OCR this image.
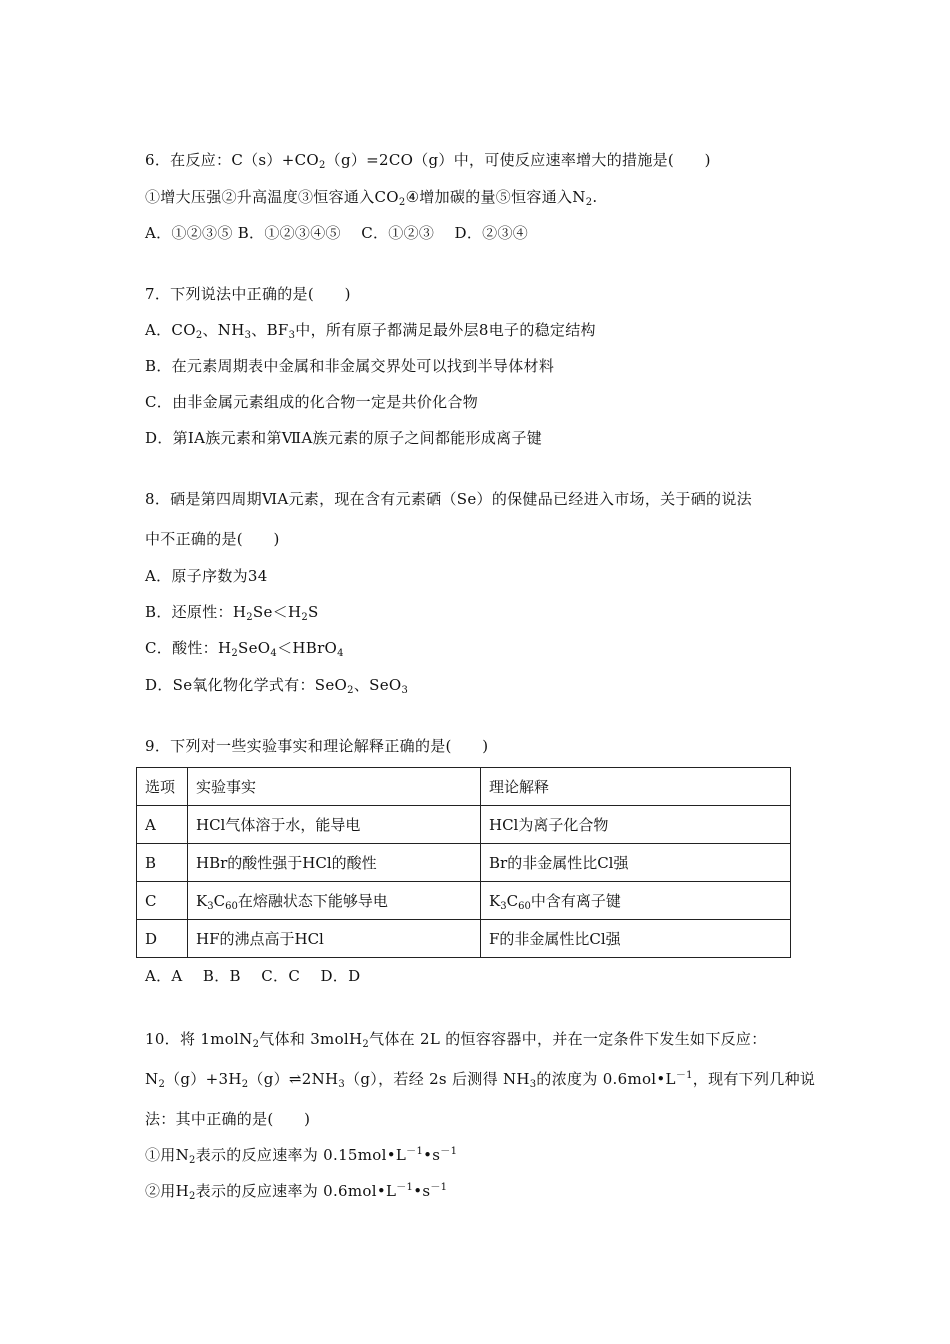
6．在反应：$C(s)+CO_2(g)=2CO(g)$中，可使反应速率增大的措施是(　　)
①增大压强②升高温度③恒容通入$CO_2④$增加碳的量⑤恒容通入$N_2$.
A．①②③⑤ B．①②③④⑤　 C．①②③　 D．②③④
7．下列说法中正确的是(　　)
A．$CO_2$、$NH_3$、$BF_3$中，所有原子都满足最外层8电子的稳定结构
B．在元素周期表中金属和非金属交界处可以找到半导体材料
C．由非金属元素组成的化合物一定是共价化合物
D．第ⅠA族元素和第ⅦA族元素的原子之间都能形成离子键
8．硒是第四周期ⅥA元素，现在含有元素硒（Se）的保健品已经进入市场，关于硒的说法
中不正确的是(　　)
A．原子序数为34
B．还原性：$H_2Se<H_2S$
C．酸性：$H_2SeO_4<HBrO_4$
D．Se氧化物化学式有：SeO$_2$、SeO$_3$
9．下列对一些实验事实和理论解释正确的是(　　)
选项	实验事实	理论解释
A	HCl气体溶于水，能导电	HCl为离子化合物
B	HBr的酸性强于HCl的酸性	Br的非金属性比Cl强
C	$K_3C_{60}$在熔融状态下能够导电	$K_3C_{60}$中含有离子键
D	HF的沸点高于HCl	F的非金属性比Cl强
A．A　 B．B　 C．C　 D．D
10．将 1molN$_2$气体和 3molH$_2$气体在 2L 的恒容容器中，并在一定条件下发生如下反应：
$N_2(g)+3H_2(g)\rightleftharpoons 2NH_3(g)$，若经 2s 后测得 $NH_3$的浓度为 $0.6mol•L^{-1}$，现有下列几种说
法：其中正确的是(　　)
①用$N_2$表示的反应速率为 $0.15mol•L^{-1}•s^{-1}$
②用$H_2$表示的反应速率为 $0.6mol•L^{-1}•s^{-1}$
